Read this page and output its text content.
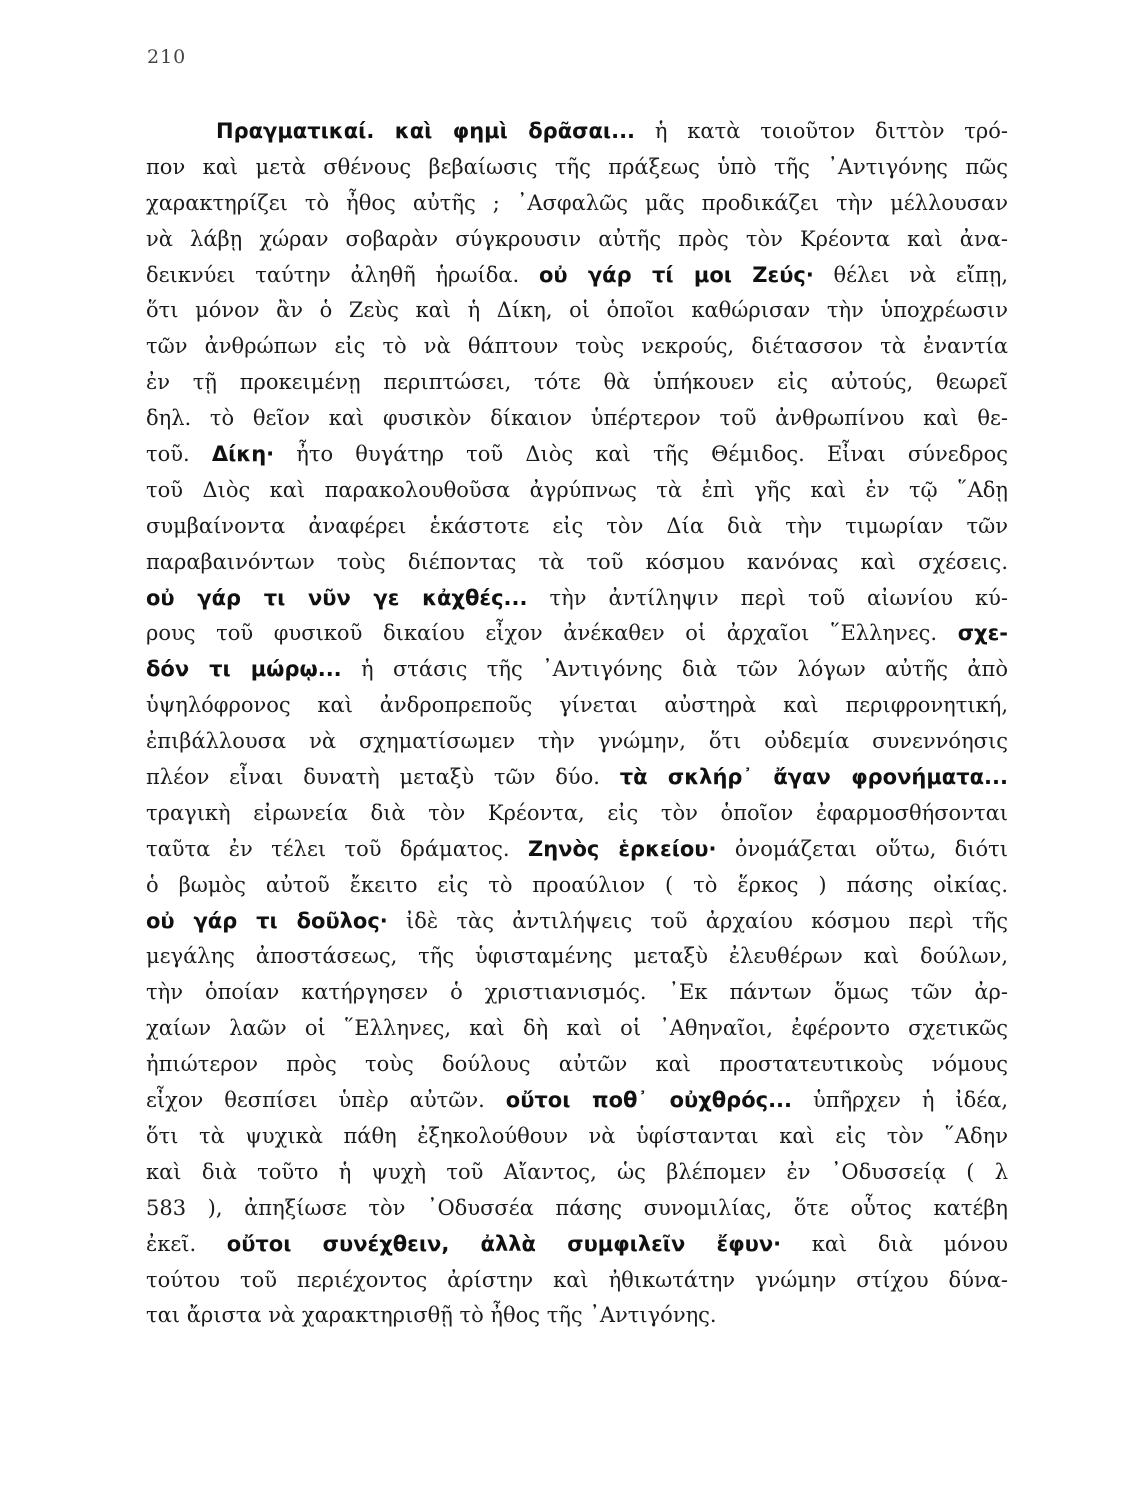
210
Πραγματικαί. καὶ φημὶ δρᾶσαι... ἡ κατὰ τοιοῦτον διττὸν τρό-
πον καὶ μετὰ σθένους βεβαίωσις τῆς πράξεως ὑπὸ τῆς ᾽Αντιγόνης πῶς
χαρακτηρίζει τὸ ἦθος αὐτῆς ; ᾽Ασφαλῶς μᾶς προδικάζει τὴν μέλλουσαν
νὰ λάβῃ χώραν σοβαρὰν σύγκρουσιν αὐτῆς πρὸς τὸν Κρέοντα καὶ ἀνα-
δεικνύει ταύτην ἀληθῆ ἡρωίδα. οὐ γάρ τί μοι Ζεύς· θέλει νὰ εἴπῃ,
ὅτι μόνον ἂν ὁ Ζεὺς καὶ ἡ Δίκη, οἱ ὁποῖοι καθώρισαν τὴν ὑποχρέωσιν
τῶν ἀνθρώπων εἰς τὸ νὰ θάπτουν τοὺς νεκρούς, διέτασσον τὰ ἐναντία
ἐν τῇ προκειμένῃ περιπτώσει, τότε θὰ ὑπήκουεν εἰς αὐτούς, θεωρεῖ
δηλ. τὸ θεῖον καὶ φυσικὸν δίκαιον ὑπέρτερον τοῦ ἀνθρωπίνου καὶ θε-
τοῦ. Δίκη· ἦτο θυγάτηρ τοῦ Διὸς καὶ τῆς Θέμιδος. Εἶναι σύνεδρος
τοῦ Διὸς καὶ παρακολουθοῦσα ἀγρύπνως τὰ ἐπὶ γῆς καὶ ἐν τῷ ῞Αδῃ
συμβαίνοντα ἀναφέρει ἑκάστοτε εἰς τὸν Δία διὰ τὴν τιμωρίαν τῶν
παραβαινόντων τοὺς διέποντας τὰ τοῦ κόσμου κανόνας καὶ σχέσεις.
οὐ γάρ τι νῦν γε κἀχθές... τὴν ἀντίληψιν περὶ τοῦ αἰωνίου κύ-
ρους τοῦ φυσικοῦ δικαίου εἶχον ἀνέκαθεν οἱ ἀρχαῖοι ῞Ελληνες. σχε-
δόν τι μώρῳ... ἡ στάσις τῆς ᾽Αντιγόνης διὰ τῶν λόγων αὐτῆς ἀπὸ
ὑψηλόφρονος καὶ ἀνδροπρεποῦς γίνεται αὐστηρὰ καὶ περιφρονητική,
ἐπιβάλλουσα νὰ σχηματίσωμεν τὴν γνώμην, ὅτι οὐδεμία συνεννόησις
πλέον εἶναι δυνατὴ μεταξὺ τῶν δύο. τὰ σκλήρ᾽ ἄγαν φρονήματα...
τραγικὴ εἰρωνεία διὰ τὸν Κρέοντα, εἰς τὸν ὁποῖον ἐφαρμοσθήσονται
ταῦτα ἐν τέλει τοῦ δράματος. Ζηνὸς ἑρκείου· ὀνομάζεται οὕτω, διότι
ὁ βωμὸς αὐτοῦ ἔκειτο εἰς τὸ προαύλιον ( τὸ ἕρκος ) πάσης οἰκίας.
οὐ γάρ τι δοῦλος· ἰδὲ τὰς ἀντιλήψεις τοῦ ἀρχαίου κόσμου περὶ τῆς
μεγάλης ἀποστάσεως, τῆς ὑφισταμένης μεταξὺ ἐλευθέρων καὶ δούλων,
τὴν ὁποίαν κατήργησεν ὁ χριστιανισμός. ᾽Εκ πάντων ὅμως τῶν ἀρ-
χαίων λαῶν οἱ ῞Ελληνες, καὶ δὴ καὶ οἱ ᾽Αθηναῖοι, ἐφέροντο σχετικῶς
ἠπιώτερον πρὸς τοὺς δούλους αὐτῶν καὶ προστατευτικοὺς νόμους
εἶχον θεσπίσει ὑπὲρ αὐτῶν. οὔτοι ποθ᾽ οὐχθρός... ὑπῆρχεν ἡ ἰδέα,
ὅτι τὰ ψυχικὰ πάθη ἐξηκολούθουν νὰ ὑφίστανται καὶ εἰς τὸν ῞Αδην
καὶ διὰ τοῦτο ἡ ψυχὴ τοῦ Αἴαντος, ὡς βλέπομεν ἐν ᾽Οδυσσείᾳ ( λ
583 ), ἀπηξίωσε τὸν ᾽Οδυσσέα πάσης συνομιλίας, ὅτε οὗτος κατέβη
ἐκεῖ. οὔτοι συνέχθειν, ἀλλὰ συμφιλεῖν ἔφυν· καὶ διὰ μόνου
τούτου τοῦ περιέχοντος ἀρίστην καὶ ἠθικωτάτην γνώμην στίχου δύνα-
ται ἄριστα νὰ χαρακτηρισθῇ τὸ ἦθος τῆς ᾽Αντιγόνης.
